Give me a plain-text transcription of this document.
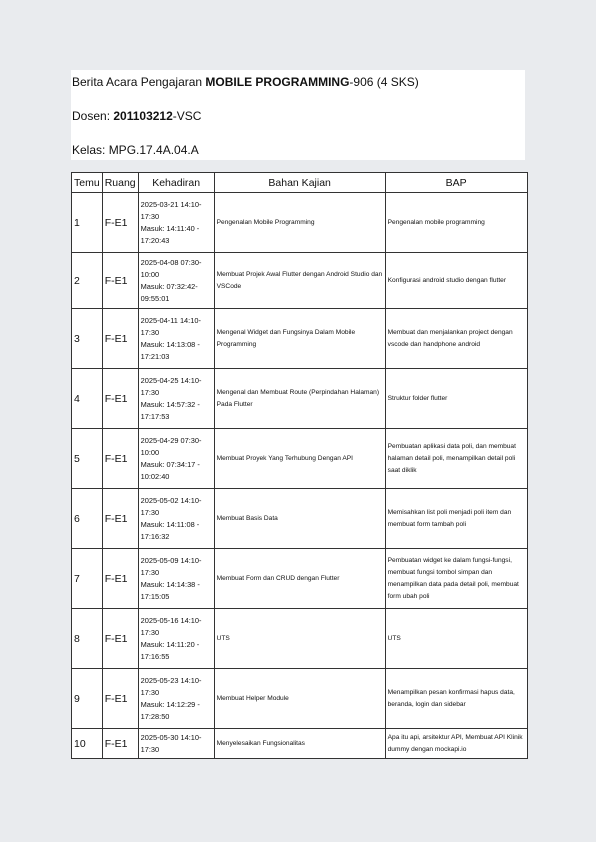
Berita Acara Pengajaran MOBILE PROGRAMMING-906 (4 SKS)
Dosen: 201103212-VSC
Kelas: MPG.17.4A.04.A
Temu	Ruang	Kehadiran	Bahan Kajian	BAP
1	F-E1	2025-03-21 14:10-
17:30
Masuk: 14:11:40 -
17:20:43	Pengenalan Mobile Programming	Pengenalan mobile programming
2	F-E1	2025-04-08 07:30-
10:00
Masuk: 07:32:42-
09:55:01	Membuat Projek Awal Flutter dengan Android Studio dan VSCode	Konfigurasi android studio dengan flutter
3	F-E1	2025-04-11 14:10-
17:30
Masuk: 14:13:08 -
17:21:03	Mengenal Widget dan Fungsinya Dalam Mobile Programming	Membuat dan menjalankan project dengan vscode dan handphone android
4	F-E1	2025-04-25 14:10-
17:30
Masuk: 14:57:32 -
17:17:53	Mengenal dan Membuat Route (Perpindahan Halaman) Pada Flutter	Struktur folder flutter
5	F-E1	2025-04-29 07:30-
10:00
Masuk: 07:34:17 -
10:02:40	Membuat Proyek Yang Terhubung Dengan API	Pembuatan aplikasi data poli, dan membuat halaman detail poli, menampilkan detail poli saat diklik
6	F-E1	2025-05-02 14:10-
17:30
Masuk: 14:11:08 -
17:16:32	Membuat Basis Data	Memisahkan list poli menjadi poli item dan membuat form tambah poli
7	F-E1	2025-05-09 14:10-
17:30
Masuk: 14:14:38 -
17:15:05	Membuat Form dan CRUD dengan Flutter	Pembuatan widget ke dalam fungsi-fungsi, membuat fungsi tombol simpan dan menampilkan data pada detail poli, membuat form ubah poli
8	F-E1	2025-05-16 14:10-
17:30
Masuk: 14:11:20 -
17:16:55	UTS	UTS
9	F-E1	2025-05-23 14:10-
17:30
Masuk: 14:12:29 -
17:28:50	Membuat Helper Module	Menampilkan pesan konfirmasi hapus data, beranda, login dan sidebar
10	F-E1	2025-05-30 14:10-
17:30	Menyelesaikan Fungsionalitas	Apa itu api, arsitektur API, Membuat API Klinik dummy dengan mockapi.io
